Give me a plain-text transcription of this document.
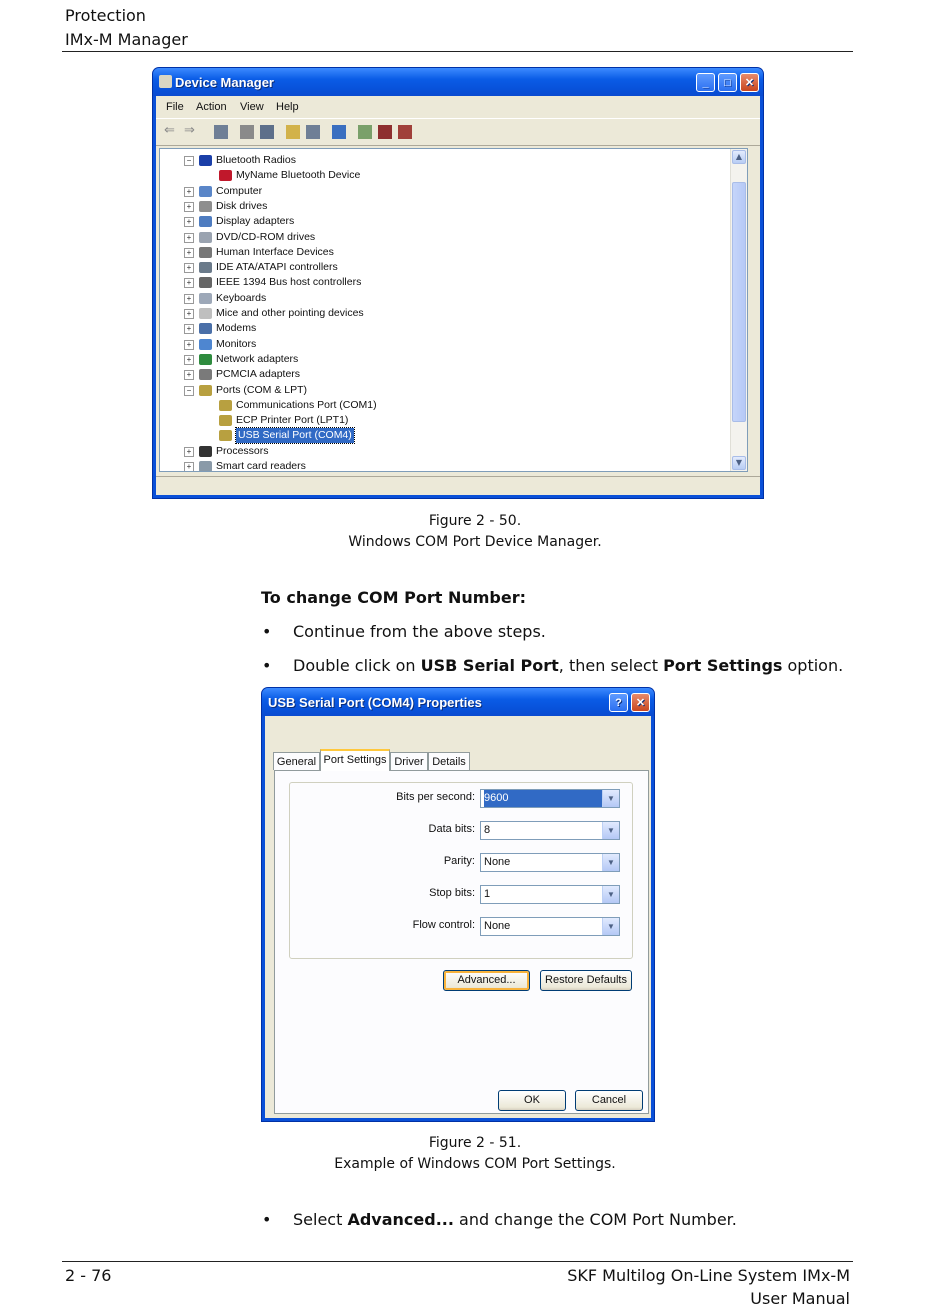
Protection
IMx-M Manager
Device Manager	_	□	✕
File Action View Help
⇐ ⇒
− Bluetooth Radios
MyName Bluetooth Device
+ Computer
+ Disk drives
+ Display adapters
+ DVD/CD-ROM drives
+ Human Interface Devices
+ IDE ATA/ATAPI controllers
+ IEEE 1394 Bus host controllers
+ Keyboards
+ Mice and other pointing devices
+ Modems
+ Monitors
+ Network adapters
+ PCMCIA adapters
− Ports (COM & LPT)
Communications Port (COM1)
ECP Printer Port (LPT1)
USB Serial Port (COM4)
+ Processors
+ Smart card readers
▲
▼
Figure 2 - 50.
Windows COM Port Device Manager.
To change COM Port Number:
• Continue from the above steps.
• Double click on USB Serial Port, then select Port Settings option.
USB Serial Port (COM4) Properties	?	✕
General Port Settings Driver Details
Bits per second: 9600	▼
Data bits: 8	▼
Parity: None	▼
Stop bits: 1	▼
Flow control: None	▼
Advanced...	Restore Defaults
OK	Cancel
Figure 2 - 51.
Example of Windows COM Port Settings.
• Select Advanced... and change the COM Port Number.
2 - 76	SKF Multilog On-Line System IMx-M
User Manual
